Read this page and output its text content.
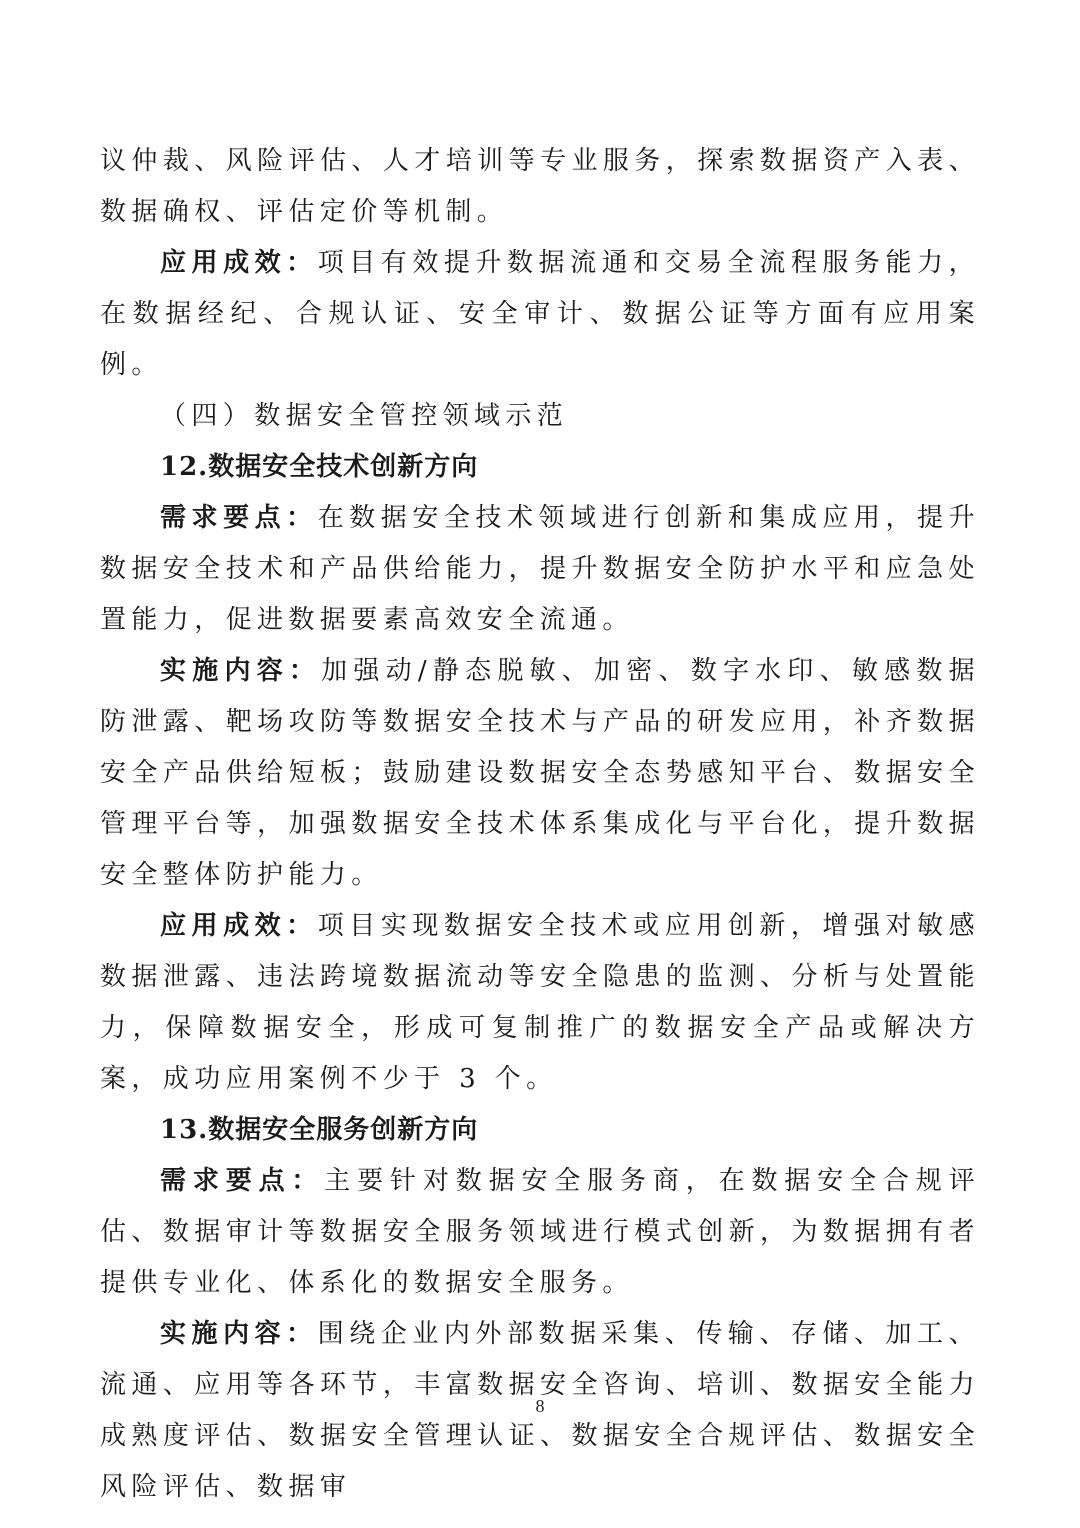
议仲裁、风险评估、人才培训等专业服务，探索数据资产入表、数据确权、评估定价等机制。

应用成效：项目有效提升数据流通和交易全流程服务能力，在数据经纪、合规认证、安全审计、数据公证等方面有应用案例。

（四）数据安全管控领域示范

12.数据安全技术创新方向

需求要点：在数据安全技术领域进行创新和集成应用，提升数据安全技术和产品供给能力，提升数据安全防护水平和应急处置能力，促进数据要素高效安全流通。

实施内容：加强动/静态脱敏、加密、数字水印、敏感数据防泄露、靶场攻防等数据安全技术与产品的研发应用，补齐数据安全产品供给短板；鼓励建设数据安全态势感知平台、数据安全管理平台等，加强数据安全技术体系集成化与平台化，提升数据安全整体防护能力。

应用成效：项目实现数据安全技术或应用创新，增强对敏感数据泄露、违法跨境数据流动等安全隐患的监测、分析与处置能力，保障数据安全，形成可复制推广的数据安全产品或解决方案，成功应用案例不少于 3 个。

13.数据安全服务创新方向

需求要点：主要针对数据安全服务商，在数据安全合规评估、数据审计等数据安全服务领域进行模式创新，为数据拥有者提供专业化、体系化的数据安全服务。

实施内容：围绕企业内外部数据采集、传输、存储、加工、流通、应用等各环节，丰富数据安全咨询、培训、数据安全能力成熟度评估、数据安全管理认证、数据安全合规评估、数据安全风险评估、数据审

8
